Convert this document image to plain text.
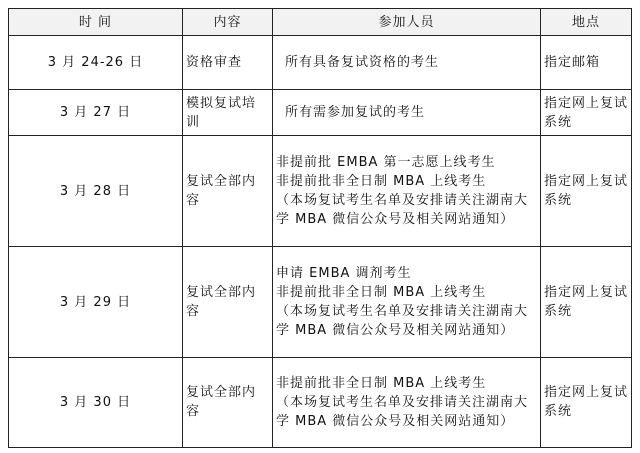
时 间	内容	参加人员	地点
3 月 24-26 日	资格审查	所有具备复试资格的考生	指定邮箱
3 月 27 日	模拟复试培训	所有需参加复试的考生	指定网上复试系统
3 月 28 日	复试全部内容	非提前批 EMBA 第一志愿上线考生
非提前批非全日制 MBA 上线考生
（本场复试考生名单及安排请关注湖南大学 MBA 微信公众号及相关网站通知）	指定网上复试系统
3 月 29 日	复试全部内容	申请 EMBA 调剂考生
非提前批非全日制 MBA 上线考生
（本场复试考生名单及安排请关注湖南大学 MBA 微信公众号及相关网站通知）	指定网上复试系统
3 月 30 日	复试全部内容	非提前批非全日制 MBA 上线考生
（本场复试考生名单及安排请关注湖南大学 MBA 微信公众号及相关网站通知）	指定网上复试系统
